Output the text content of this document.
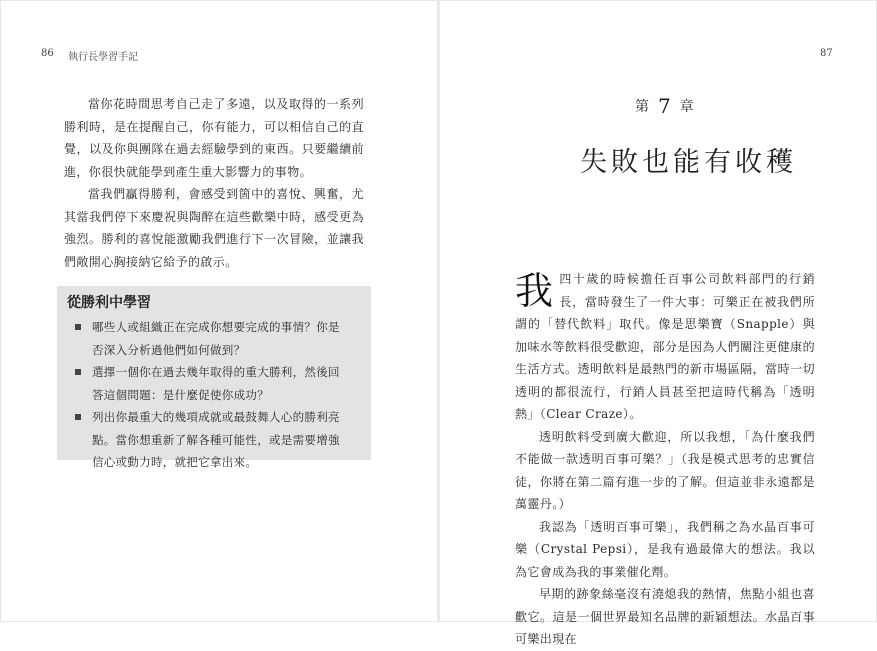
86 執行長學習手記

當你花時間思考自己走了多遠，以及取得的一系列勝利時，是在提醒自己，你有能力，可以相信自己的直覺，以及你與團隊在過去經驗學到的東西。只要繼續前進，你很快就能學到產生重大影響力的事物。

當我們贏得勝利，會感受到箇中的喜悅、興奮，尤其當我們停下來慶祝與陶醉在這些歡樂中時，感受更為強烈。勝利的喜悅能激勵我們進行下一次冒險，並讓我們敞開心胸接納它給予的啟示。

從勝利中學習
哪些人或組織正在完成你想要完成的事情？你是否深入分析過他們如何做到？
選擇一個你在過去幾年取得的重大勝利，然後回答這個問題：是什麼促使你成功？
列出你最重大的幾項成就或最鼓舞人心的勝利亮點。當你想重新了解各種可能性，或是需要增強信心或動力時，就把它拿出來。
87
第 7 章
失敗也能有收穫

我四十歲的時候擔任百事公司飲料部門的行銷長，當時發生了一件大事：可樂正在被我們所謂的「替代飲料」取代。像是思樂寶（Snapple）與加味水等飲料很受歡迎，部分是因為人們關注更健康的生活方式。透明飲料是最熱門的新市場區隔，當時一切透明的都很流行，行銷人員甚至把這時代稱為「透明熱」（Clear Craze）。

透明飲料受到廣大歡迎，所以我想，「為什麼我們不能做一款透明百事可樂？」（我是模式思考的忠實信徒，你將在第二篇有進一步的了解。但這並非永遠都是萬靈丹。）

我認為「透明百事可樂」，我們稱之為水晶百事可樂（Crystal Pepsi），是我有過最偉大的想法。我以為它會成為我的事業催化劑。

早期的跡象絲毫沒有澆熄我的熱情，焦點小組也喜歡它。這是一個世界最知名品牌的新穎想法。水晶百事可樂出現在
